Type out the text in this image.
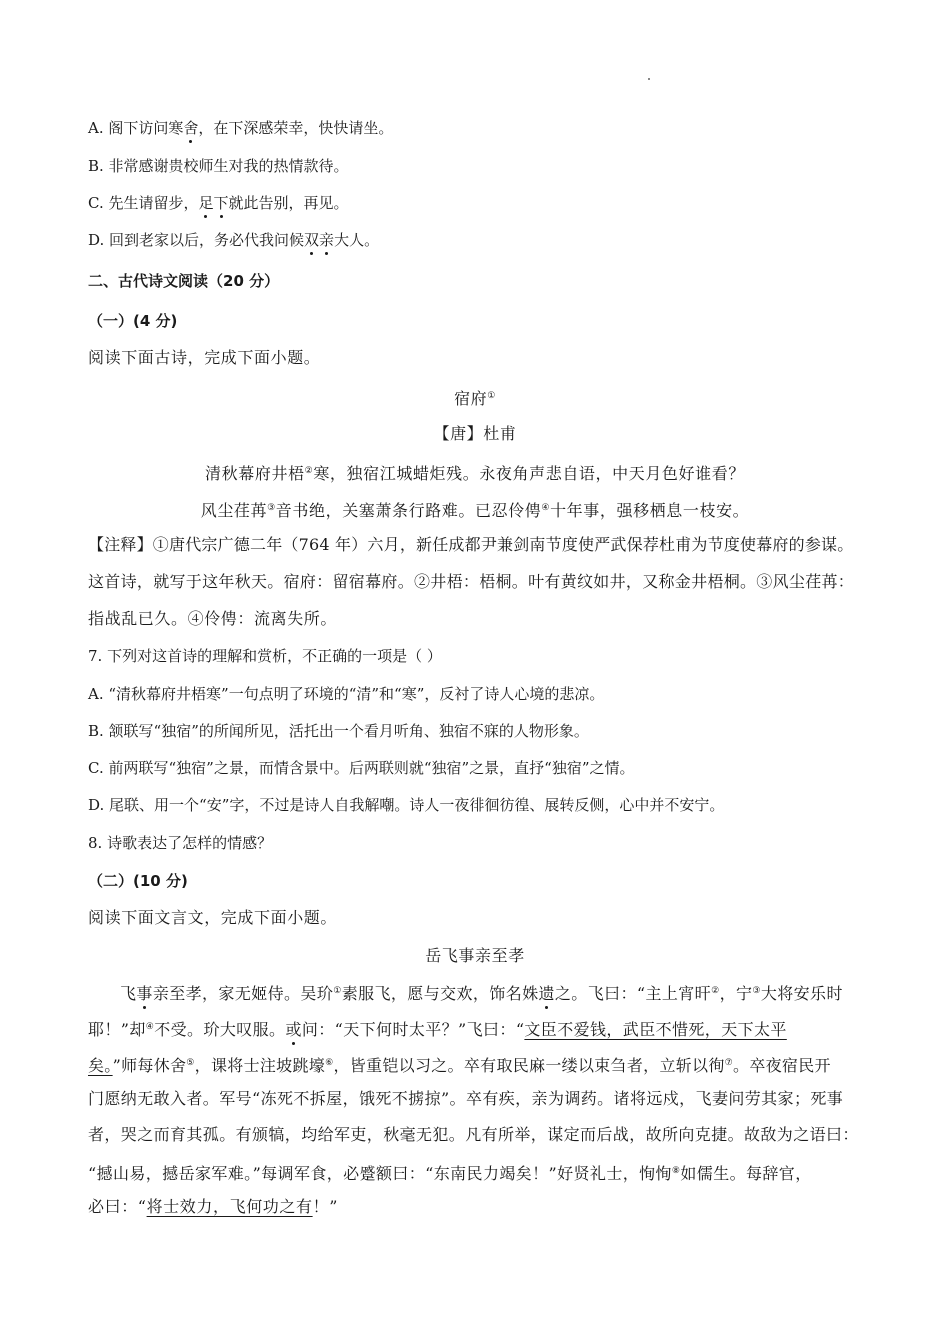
A. 阁下访问寒舍，在下深感荣幸，快快请坐。
B. 非常感谢贵校师生对我的热情款待。
C. 先生请留步，足下就此告别，再见。
D. 回到老家以后，务必代我问候双亲大人。
二、古代诗文阅读（20 分）
（一）(4 分)
阅读下面古诗，完成下面小题。
宿府①
【唐】杜甫
清秋幕府井梧②寒，独宿江城蜡炬残。永夜角声悲自语，中天月色好谁看？
风尘荏苒③音书绝，关塞萧条行路难。已忍伶俜④十年事，强移栖息一枝安。
【注释】①唐代宗广德二年（764 年）六月，新任成都尹兼剑南节度使严武保荐杜甫为节度使幕府的参谋。
这首诗，就写于这年秋天。宿府：留宿幕府。②井梧：梧桐。叶有黄纹如井，又称金井梧桐。③风尘荏苒：
指战乱已久。④伶俜：流离失所。
7. 下列对这首诗的理解和赏析，不正确的一项是（ ）
A. “清秋幕府井梧寒”一句点明了环境的“清”和“寒”，反衬了诗人心境的悲凉。
B. 颔联写“独宿”的所闻所见，活托出一个看月听角、独宿不寐的人物形象。
C. 前两联写“独宿”之景，而情含景中。后两联则就“独宿”之景，直抒“独宿”之情。
D. 尾联、用一个“安”字，不过是诗人自我解嘲。诗人一夜徘徊彷徨、展转反侧，心中并不安宁。
8. 诗歌表达了怎样的情感？
（二）(10 分)
阅读下面文言文，完成下面小题。
岳飞事亲至孝
飞事亲至孝，家无姬侍。吴玠①素服飞，愿与交欢，饰名姝遗之。飞曰：“主上宵旰②，宁③大将安乐时
耶！”却④不受。玠大叹服。或问：“天下何时太平？”飞曰：“文臣不爱钱，武臣不惜死，天下太平
矣。”师每休舍⑤，课将士注坡跳壕⑥，皆重铠以习之。卒有取民麻一缕以束刍者，立斩以徇⑦。卒夜宿民开
门愿纳无敢入者。军号“冻死不拆屋，饿死不掳掠”。卒有疾，亲为调药。诸将远戍，飞妻问劳其家；死事
者，哭之而育其孤。有颁犒，均给军吏，秋毫无犯。凡有所举，谋定而后战，故所向克捷。故敌为之语曰：
“撼山易，撼岳家军难。”每调军食，必蹙额曰：“东南民力竭矣！”好贤礼士，恂恂⑧如儒生。每辞官，
必曰：“将士效力，飞何功之有！”
